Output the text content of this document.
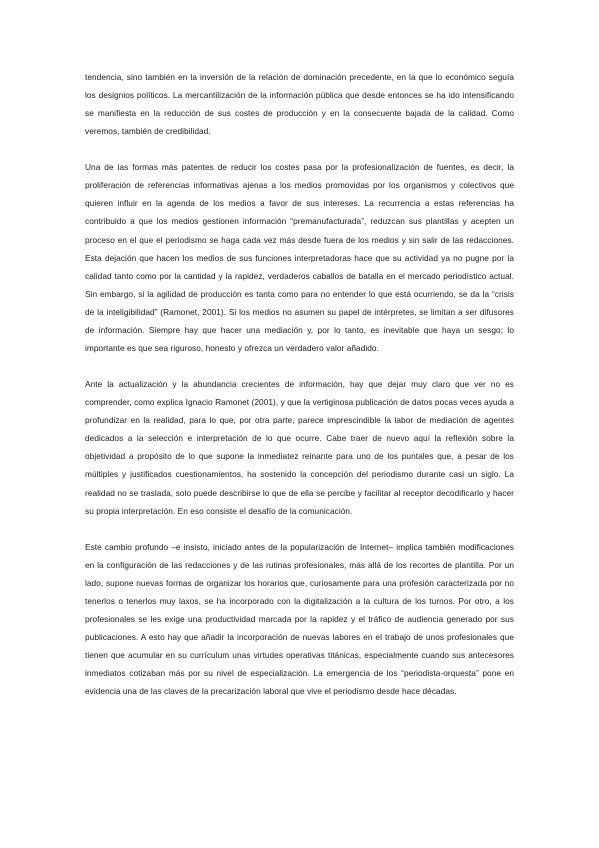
tendencia, sino también en la inversión de la relación de dominación precedente, en la que lo económico seguía los designios políticos. La mercantilización de la información pública que desde entonces se ha ido intensificando se manifiesta en la reducción de sus costes de producción y en la consecuente bajada de la calidad. Como veremos, también de credibilidad.

Una de las formas más patentes de reducir los costes pasa por la profesionalización de fuentes, es decir, la proliferación de referencias informativas ajenas a los medios promovidas por los organismos y colectivos que quieren influir en la agenda de los medios a favor de sus intereses. La recurrencia a estas referencias ha contribuido a que los medios gestionen información “premanufacturada”, reduzcan sus plantillas y acepten un proceso en el que el periodismo se haga cada vez más desde fuera de los medios y sin salir de las redacciones. Esta dejación que hacen los medios de sus funciones interpretadoras hace que su actividad ya no pugne por la calidad tanto como por la cantidad y la rapidez, verdaderos caballos de batalla en el mercado periodístico actual. Sin embargo, si la agilidad de producción es tanta como para no entender lo que está ocurriendo, se da la “crisis de la inteligibilidad” (Ramonet, 2001). Si los medios no asumen su papel de intérpretes, se limitan a ser difusores de información. Siempre hay que hacer una mediación y, por lo tanto, es inevitable que haya un sesgo; lo importante es que sea riguroso, honesto y ofrezca un verdadero valor añadido.

Ante la actualización y la abundancia crecientes de información, hay que dejar muy claro que ver no es comprender, como explica Ignacio Ramonet (2001), y que la vertiginosa publicación de datos pocas veces ayuda a profundizar en la realidad, para lo que, por otra parte, parece imprescindible la labor de mediación de agentes dedicados a la selección e interpretación de lo que ocurre. Cabe traer de nuevo aquí la reflexión sobre la objetividad a propósito de lo que supone la inmediatez reinante para uno de los puntales que, a pesar de los múltiples y justificados cuestionamientos, ha sostenido la concepción del periodismo durante casi un siglo. La realidad no se traslada, solo puede describirse lo que de ella se percibe y facilitar al receptor decodificarlo y hacer su propia interpretación. En eso consiste el desafío de la comunicación.

Este cambio profundo –e insisto, iniciado antes de la popularización de Internet– implica también modificaciones en la configuración de las redacciones y de las rutinas profesionales, más allá de los recortes de plantilla. Por un lado, supone nuevas formas de organizar los horarios que, curiosamente para una profesión caracterizada por no tenerlos o tenerlos muy laxos, se ha incorporado con la digitalización a la cultura de los turnos. Por otro, a los profesionales se les exige una productividad marcada por la rapidez y el tráfico de audiencia generado por sus publicaciones. A esto hay que añadir la incorporación de nuevas labores en el trabajo de unos profesionales que tienen que acumular en su currículum unas virtudes operativas titánicas, especialmente cuando sus antecesores inmediatos cotizaban más por su nivel de especialización. La emergencia de los “periodista-orquesta” pone en evidencia una de las claves de la precarización laboral que vive el periodismo desde hace décadas.
